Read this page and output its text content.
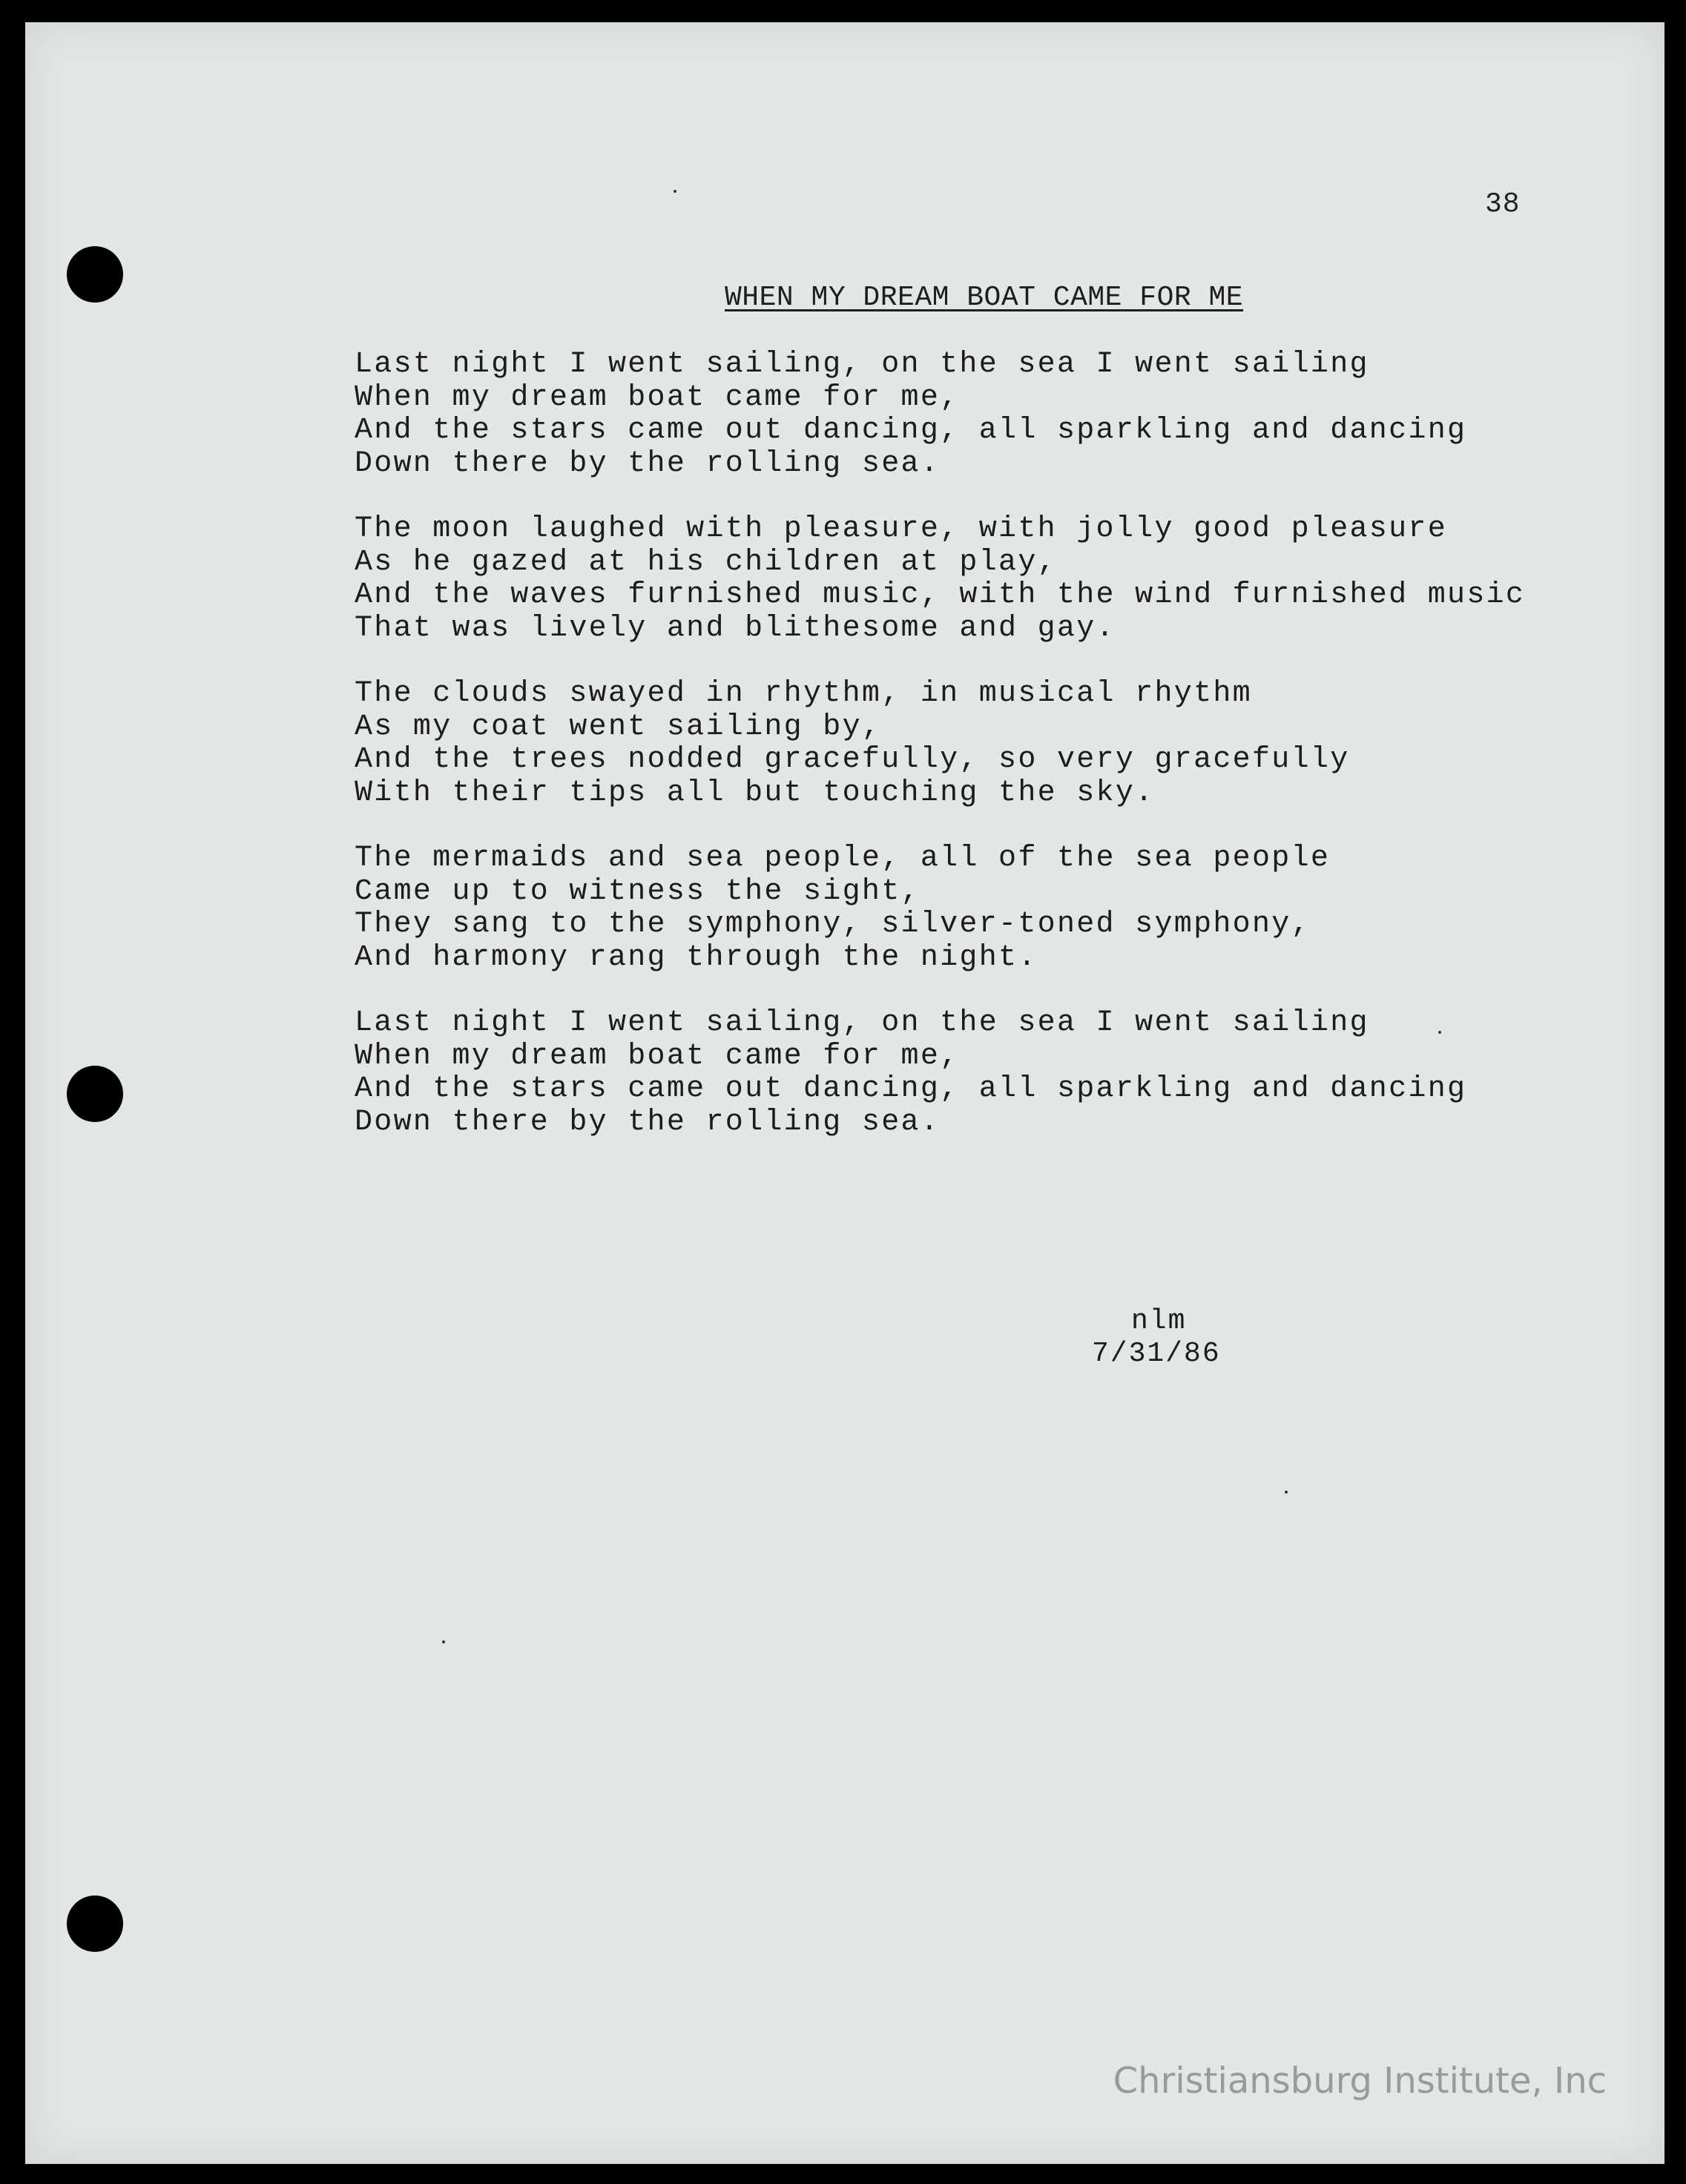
38
WHEN MY DREAM BOAT CAME FOR ME
Last night I went sailing, on the sea I went sailing
When my dream boat came for me,
And the stars came out dancing, all sparkling and dancing
Down there by the rolling sea.
The moon laughed with pleasure, with jolly good pleasure
As he gazed at his children at play,
And the waves furnished music, with the wind furnished music
That was lively and blithesome and gay.
The clouds swayed in rhythm, in musical rhythm
As my coat went sailing by,
And the trees nodded gracefully, so very gracefully
With their tips all but touching the sky.
The mermaids and sea people, all of the sea people
Came up to witness the sight,
They sang to the symphony, silver-toned symphony,
And harmony rang through the night.
Last night I went sailing, on the sea I went sailing
When my dream boat came for me,
And the stars came out dancing, all sparkling and dancing
Down there by the rolling sea.
nlm
7/31/86
Christiansburg Institute, Inc
